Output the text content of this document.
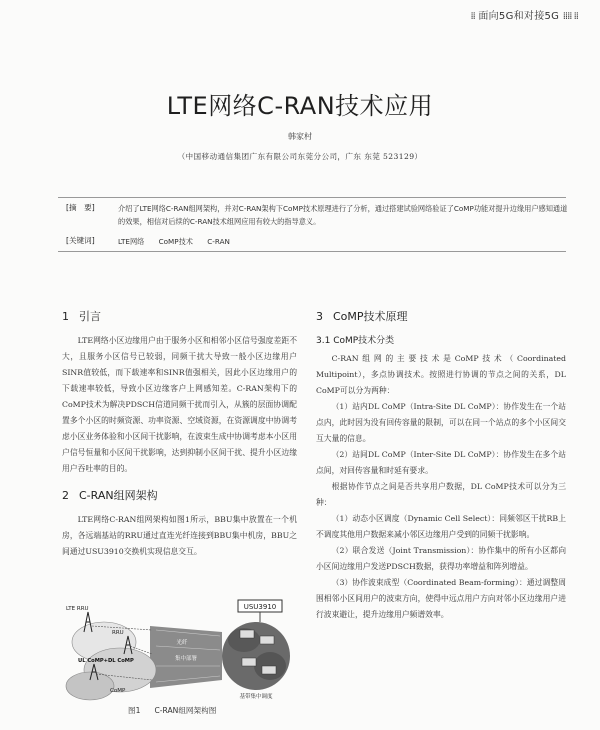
⁞⁞ 面向5G和对接5G ⁞⁞⁞⁞ ⁞⁞
LTE网络C-RAN技术应用
韩家村
（中国移动通信集团广东有限公司东莞分公司，广东 东莞 523129）
[摘　要]	介绍了LTE网络C-RAN组网架构，并对C-RAN架构下CoMP技术原理进行了分析，通过搭建试验网络验证了CoMP功能对提升边缘用户感知通道的效果，相信对后续的C-RAN技术组网应用有较大的指导意义。
[关键词]	LTE网络 CoMP技术 C-RAN
1 引言

LTE网络小区边缘用户由于服务小区和相邻小区信号强度差距不大，且服务小区信号已较弱，同频干扰大导致一般小区边缘用户SINR值较低，而下载速率和SINR值强相关，因此小区边缘用户的下载速率较低，导致小区边缘客户上网感知差。C-RAN架构下的CoMP技术为解决PDSCH信道同频干扰而引入，从簇的层面协调配置多个小区的时频资源、功率资源、空域资源，在资源调度中协调考虑小区业务体验和小区间干扰影响，在波束生成中协调考虑本小区用户信号恒量和小区间干扰影响，达到抑制小区间干扰、提升小区边缘用户吞吐率的目的。

2 C-RAN组网架构

LTE网络C-RAN组网架构如图1所示，BBU集中放置在一个机房，各远端基站的RRU通过直连光纤连接到BBU集中机房，BBU之间通过USU3910交换机实现信息交互。

USU3910
基带集中调度
光纤
集中部署
LTE RRU
RRU
UL CoMP+DL CoMP
CoMP
图1 C-RAN组网架构图
3 CoMP技术原理
3.1 CoMP技术分类

C-RAN组网的主要技术是CoMP技术（Coordinated Multipoint），多点协调技术。按照进行协调的节点之间的关系，DL CoMP可以分为两种：

（1）站内DL CoMP（Intra-Site DL CoMP）：协作发生在一个站点内，此时因为没有回传容量的限制，可以在同一个站点的多个小区间交互大量的信息。

（2）站间DL CoMP（Inter-Site DL CoMP）：协作发生在多个站点间，对回传容量和时延有要求。

根据协作节点之间是否共享用户数据，DL CoMP技术可以分为三种：

（1）动态小区调度（Dynamic Cell Select）：同频邻区干扰RB上不调度其他用户数据来减小邻区边缘用户受到的同频干扰影响。

（2）联合发送（Joint Transmission）：协作集中的所有小区都向小区间边缘用户发送PDSCH数据，获得功率增益和阵列增益。

（3）协作波束成型（Coordinated Beam-forming）：通过调整周围相邻小区间用户的波束方向，使得中远点用户方向对邻小区边缘用户进行波束避让，提升边缘用户频谱效率。
